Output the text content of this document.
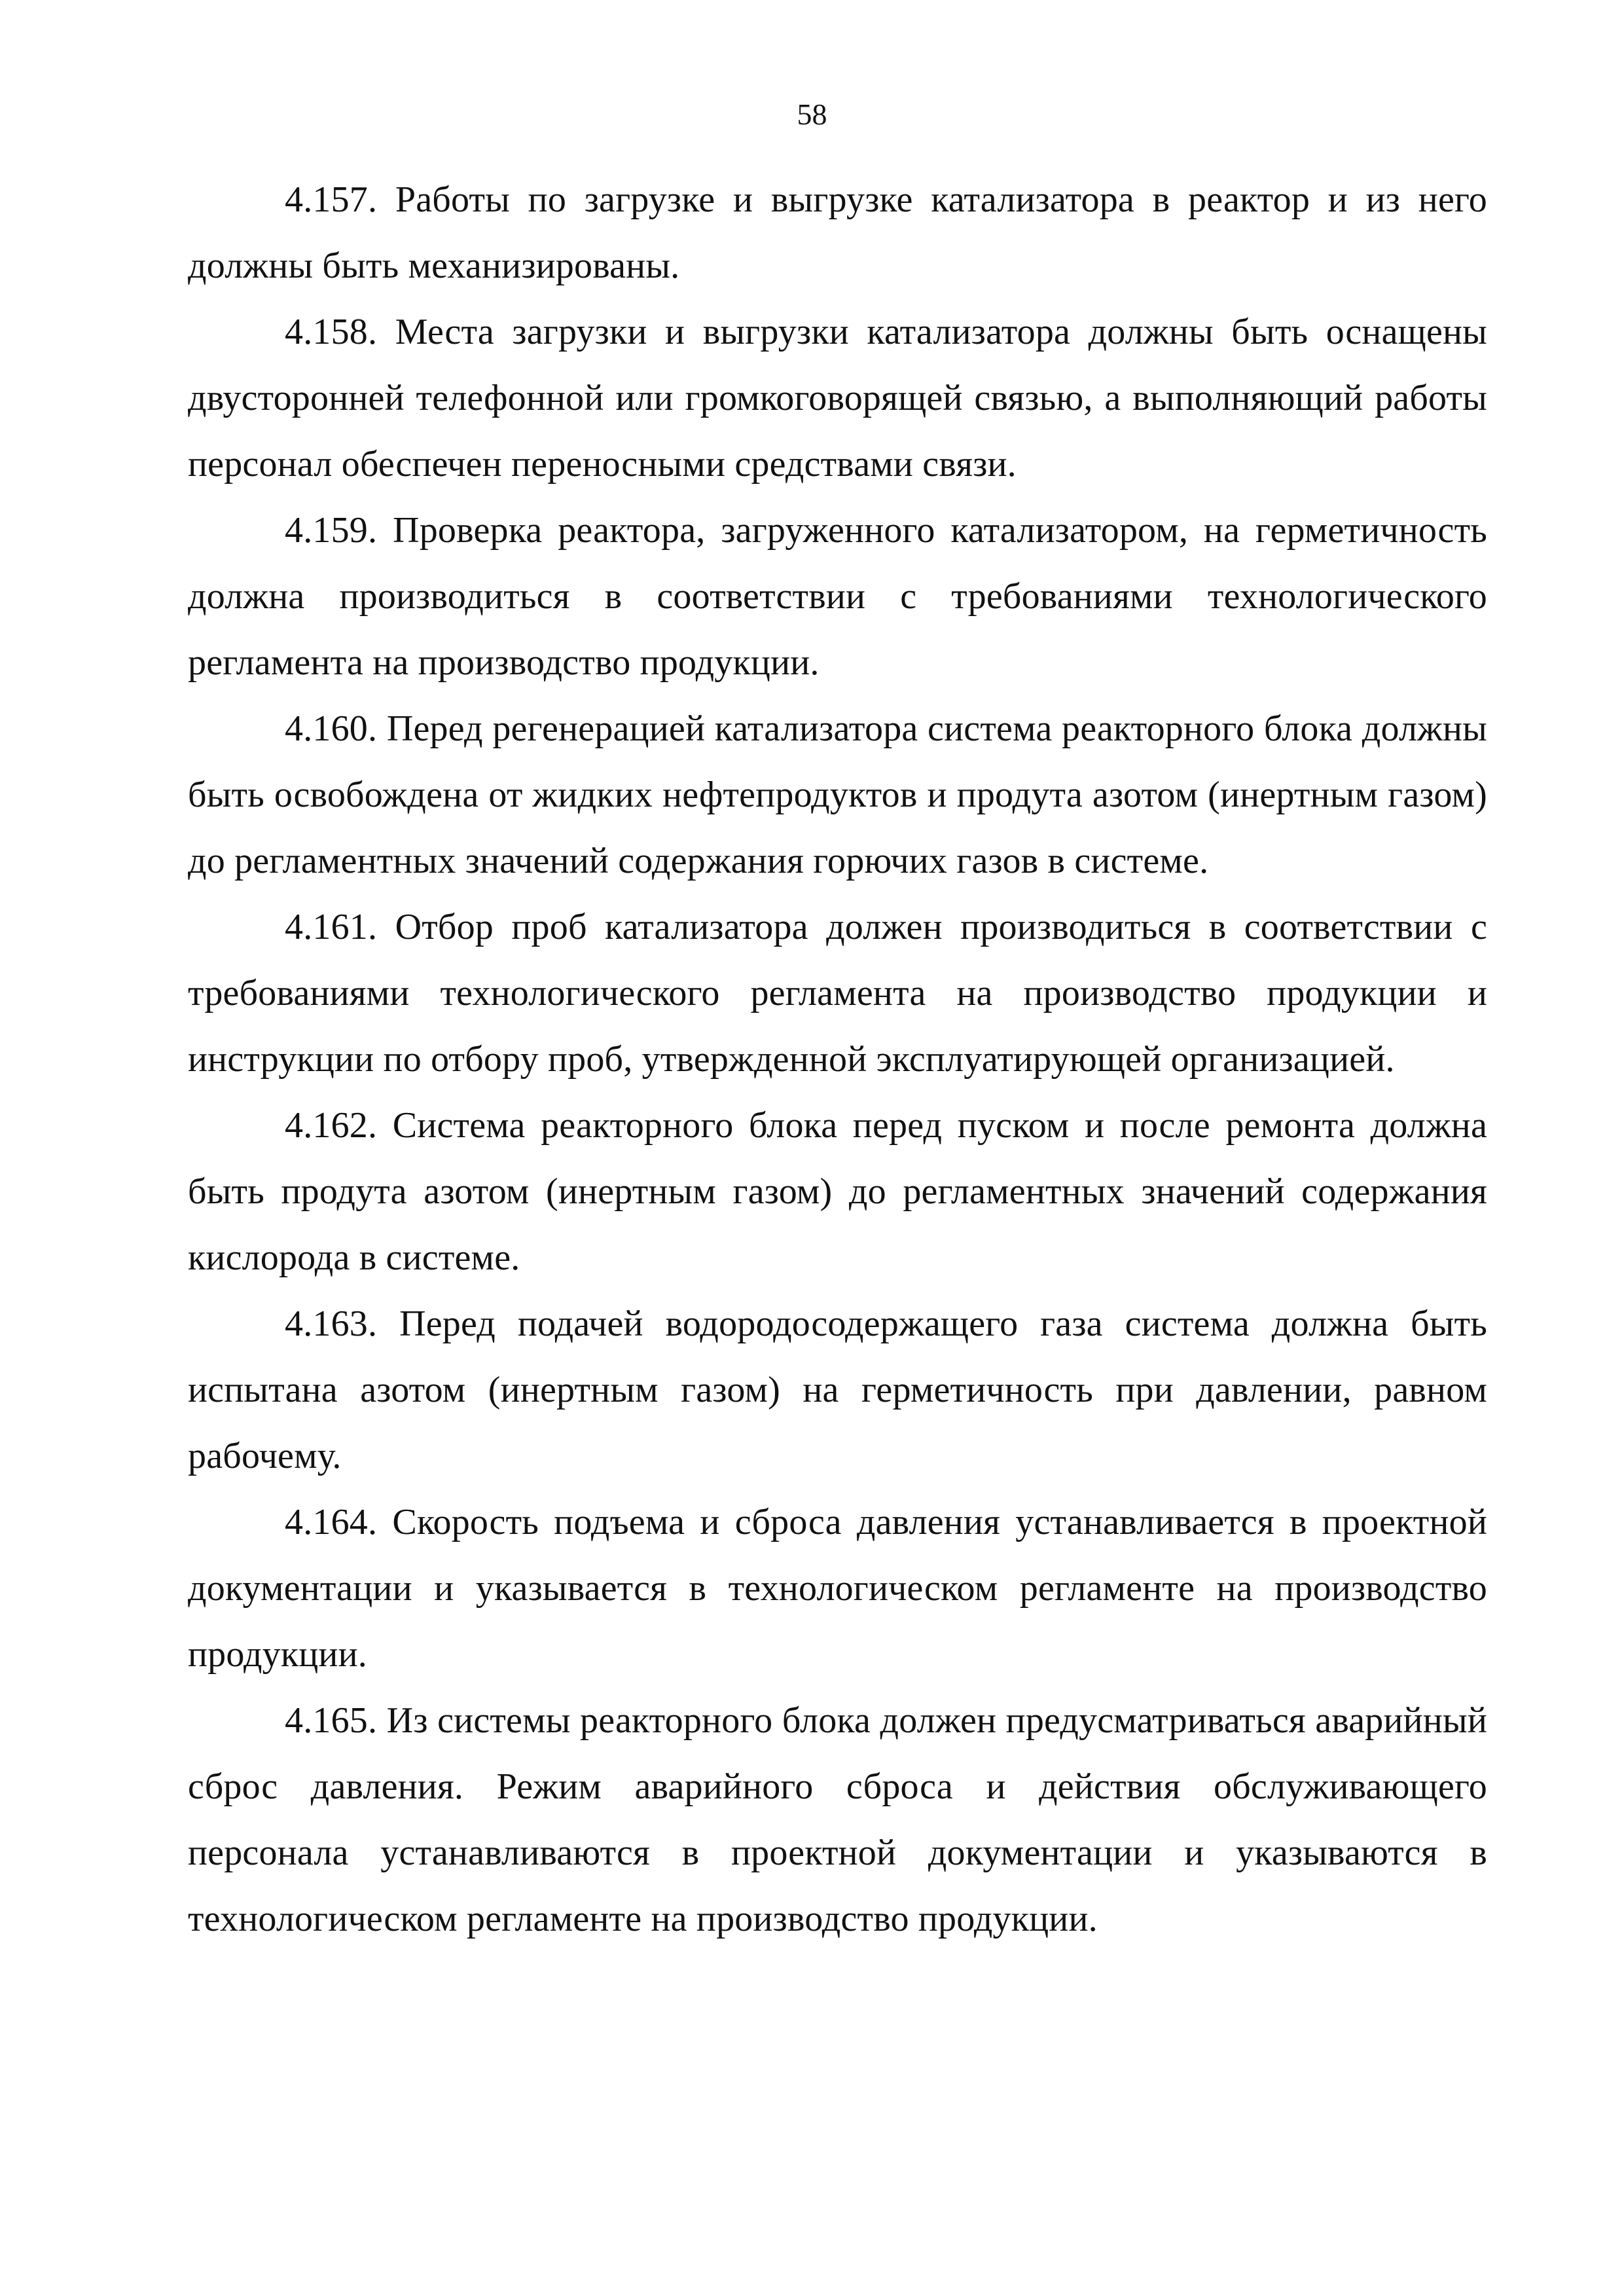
58

4.157. Работы по загрузке и выгрузке катализатора в реактор и из него должны быть механизированы.

4.158. Места загрузки и выгрузки катализатора должны быть оснащены двусторонней телефонной или громкоговорящей связью, а выполняющий работы персонал обеспечен переносными средствами связи.

4.159. Проверка реактора, загруженного катализатором, на герметичность должна производиться в соответствии с требованиями технологического регламента на производство продукции.

4.160. Перед регенерацией катализатора система реакторного блока должны быть освобождена от жидких нефтепродуктов и продута азотом (инертным газом) до регламентных значений содержания горючих газов в системе.

4.161. Отбор проб катализатора должен производиться в соответствии с требованиями технологического регламента на производство продукции и инструкции по отбору проб, утвержденной эксплуатирующей организацией.

4.162. Система реакторного блока перед пуском и после ремонта должна быть продута азотом (инертным газом) до регламентных значений содержания кислорода в системе.

4.163. Перед подачей водородосодержащего газа система должна быть испытана азотом (инертным газом) на герметичность при давлении, равном рабочему.

4.164. Скорость подъема и сброса давления устанавливается в проектной документации и указывается в технологическом регламенте на производство продукции.

4.165. Из системы реакторного блока должен предусматриваться аварийный сброс давления. Режим аварийного сброса и действия обслуживающего персонала устанавливаются в проектной документации и указываются в технологическом регламенте на производство продукции.
